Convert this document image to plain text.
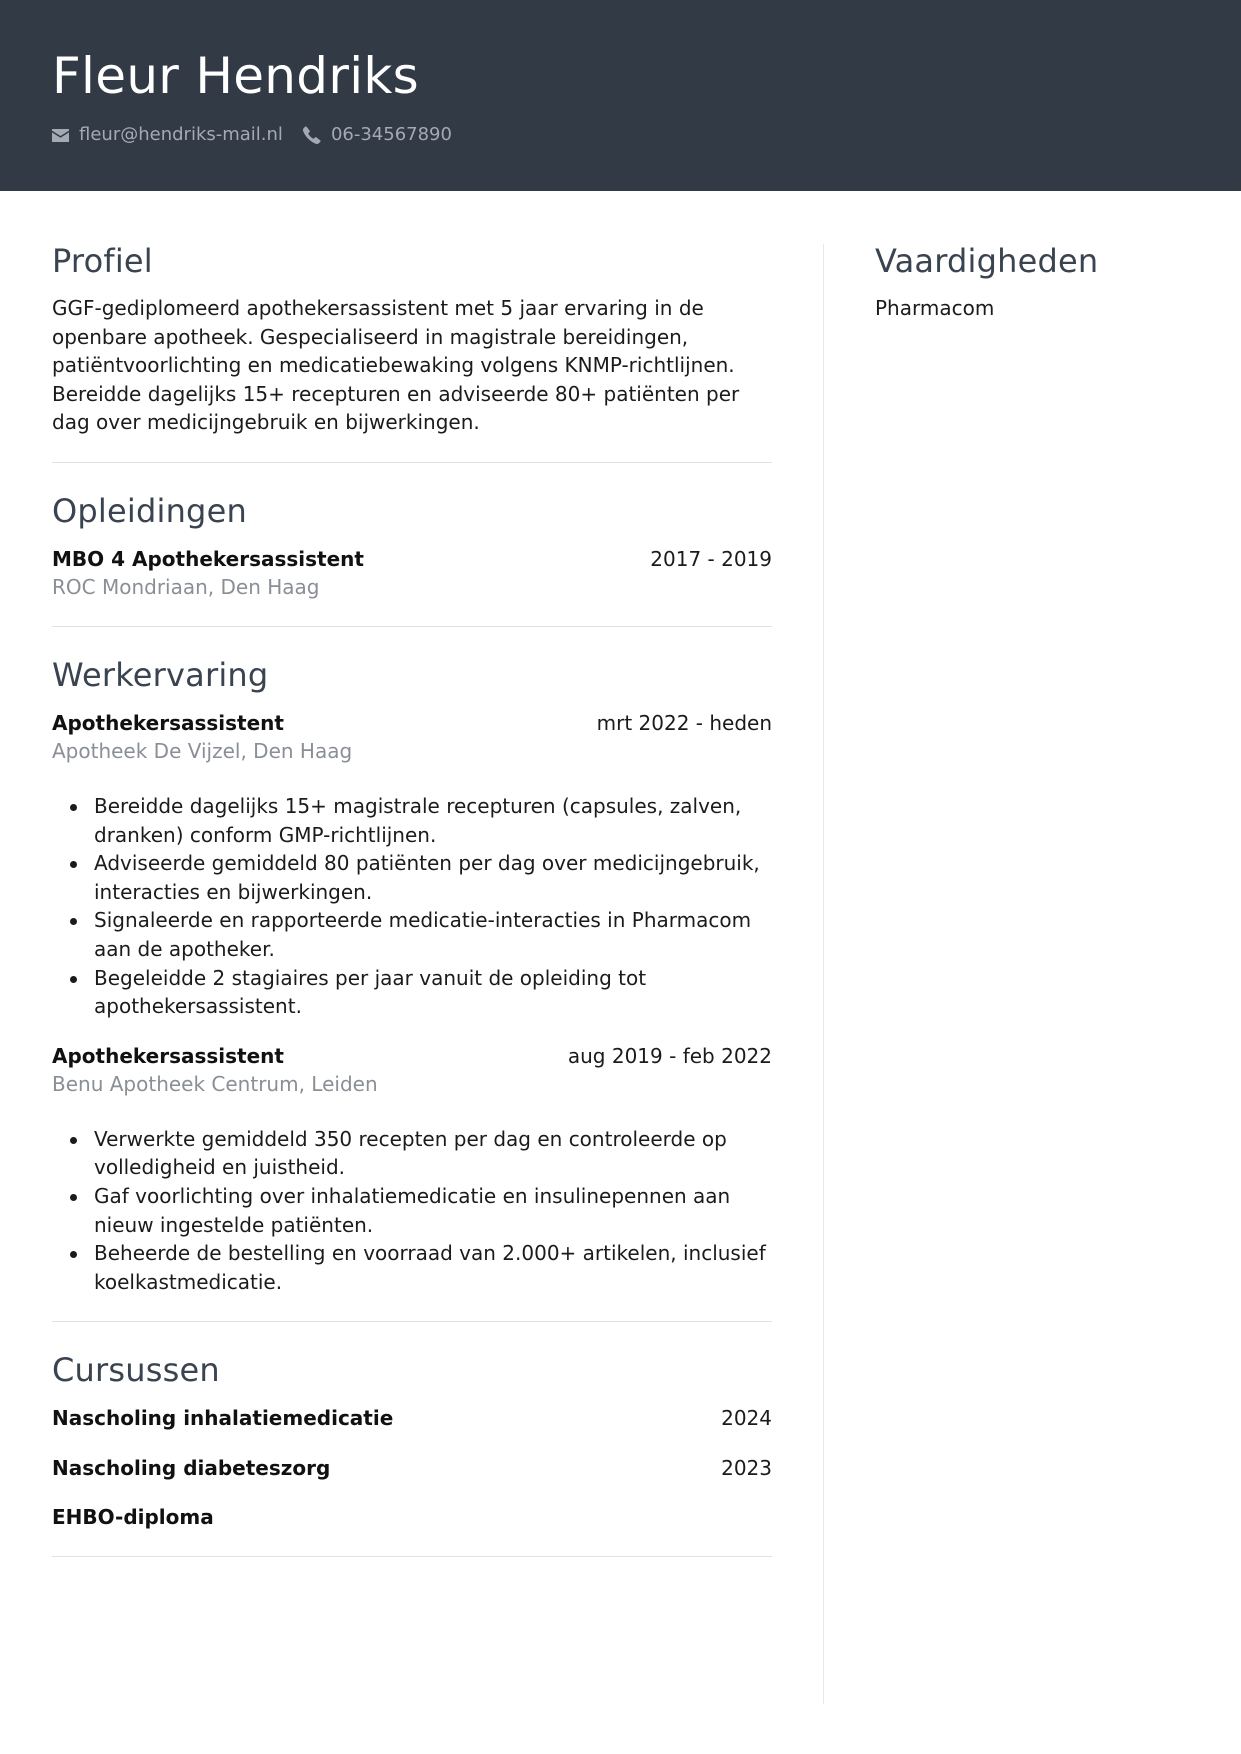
Fleur Hendriks
fleur@hendriks-mail.nl	06-34567890
Profiel

GGF-gediplomeerd apothekersassistent met 5 jaar ervaring in de openbare apotheek. Gespecialiseerd in magistrale bereidingen, patiëntvoorlichting en medicatiebewaking volgens KNMP-richtlijnen. Bereidde dagelijks 15+ recepturen en adviseerde 80+ patiënten per dag over medicijngebruik en bijwerkingen.

Opleidingen
MBO 4 Apothekersassistent	2017 - 2019
ROC Mondriaan, Den Haag
Werkervaring
Apothekersassistent	mrt 2022 - heden
Apotheek De Vijzel, Den Haag
Bereidde dagelijks 15+ magistrale recepturen (capsules, zalven, dranken) conform GMP-richtlijnen.
Adviseerde gemiddeld 80 patiënten per dag over medicijngebruik, interacties en bijwerkingen.
Signaleerde en rapporteerde medicatie-interacties in Pharmacom aan de apotheker.
Begeleidde 2 stagiaires per jaar vanuit de opleiding tot apothekersassistent.
Apothekersassistent	aug 2019 - feb 2022
Benu Apotheek Centrum, Leiden
Verwerkte gemiddeld 350 recepten per dag en controleerde op volledigheid en juistheid.
Gaf voorlichting over inhalatiemedicatie en insulinepennen aan nieuw ingestelde patiënten.
Beheerde de bestelling en voorraad van 2.000+ artikelen, inclusief koelkastmedicatie.
Cursussen
Nascholing inhalatiemedicatie	2024
Nascholing diabeteszorg	2023
EHBO-diploma
Vaardigheden
Pharmacom
